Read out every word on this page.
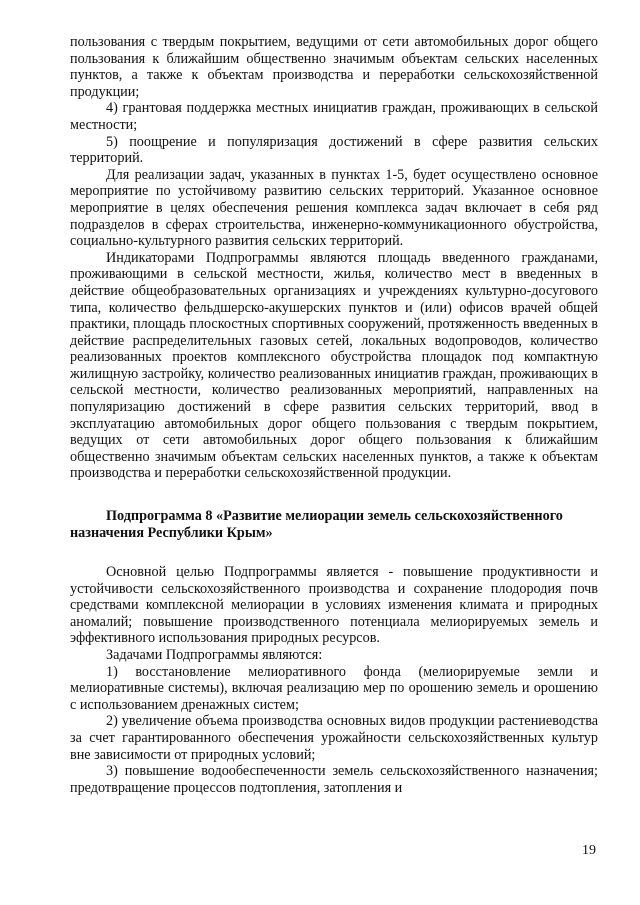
пользования с твердым покрытием, ведущими от сети автомобильных дорог общего пользования к ближайшим общественно значимым объектам сельских населенных пунктов, а также к объектам производства и переработки сельскохозяйственной продукции;

4) грантовая поддержка местных инициатив граждан, проживающих в сельской местности;

5) поощрение и популяризация достижений в сфере развития сельских территорий.

Для реализации задач, указанных в пунктах 1-5, будет осуществлено основное мероприятие по устойчивому развитию сельских территорий. Указанное основное мероприятие в целях обеспечения решения комплекса задач включает в себя ряд подразделов в сферах строительства, инженерно-коммуникационного обустройства, социально-культурного развития сельских территорий.

Индикаторами Подпрограммы являются площадь введенного гражданами, проживающими в сельской местности, жилья, количество мест в введенных в действие общеобразовательных организациях и учреждениях культурно-досугового типа, количество фельдшерско-акушерских пунктов и (или) офисов врачей общей практики, площадь плоскостных спортивных сооружений, протяженность введенных в действие распределительных газовых сетей, локальных водопроводов, количество реализованных проектов комплексного обустройства площадок под компактную жилищную застройку, количество реализованных инициатив граждан, проживающих в сельской местности, количество реализованных мероприятий, направленных на популяризацию достижений в сфере развития сельских территорий, ввод в эксплуатацию автомобильных дорог общего пользования с твердым покрытием, ведущих от сети автомобильных дорог общего пользования к ближайшим общественно значимым объектам сельских населенных пунктов, а также к объектам производства и переработки сельскохозяйственной продукции.

Подпрограмма 8 «Развитие мелиорации земель сельскохозяйственного назначения Республики Крым»

Основной целью Подпрограммы является - повышение продуктивности и устойчивости сельскохозяйственного производства и сохранение плодородия почв средствами комплексной мелиорации в условиях изменения климата и природных аномалий; повышение производственного потенциала мелиорируемых земель и эффективного использования природных ресурсов.

Задачами Подпрограммы являются:

1) восстановление мелиоративного фонда (мелиорируемые земли и мелиоративные системы), включая реализацию мер по орошению земель и орошению с использованием дренажных систем;

2) увеличение объема производства основных видов продукции растениеводства за счет гарантированного обеспечения урожайности сельскохозяйственных культур вне зависимости от природных условий;

3) повышение водообеспеченности земель сельскохозяйственного назначения; предотвращение процессов подтопления, затопления и

19
